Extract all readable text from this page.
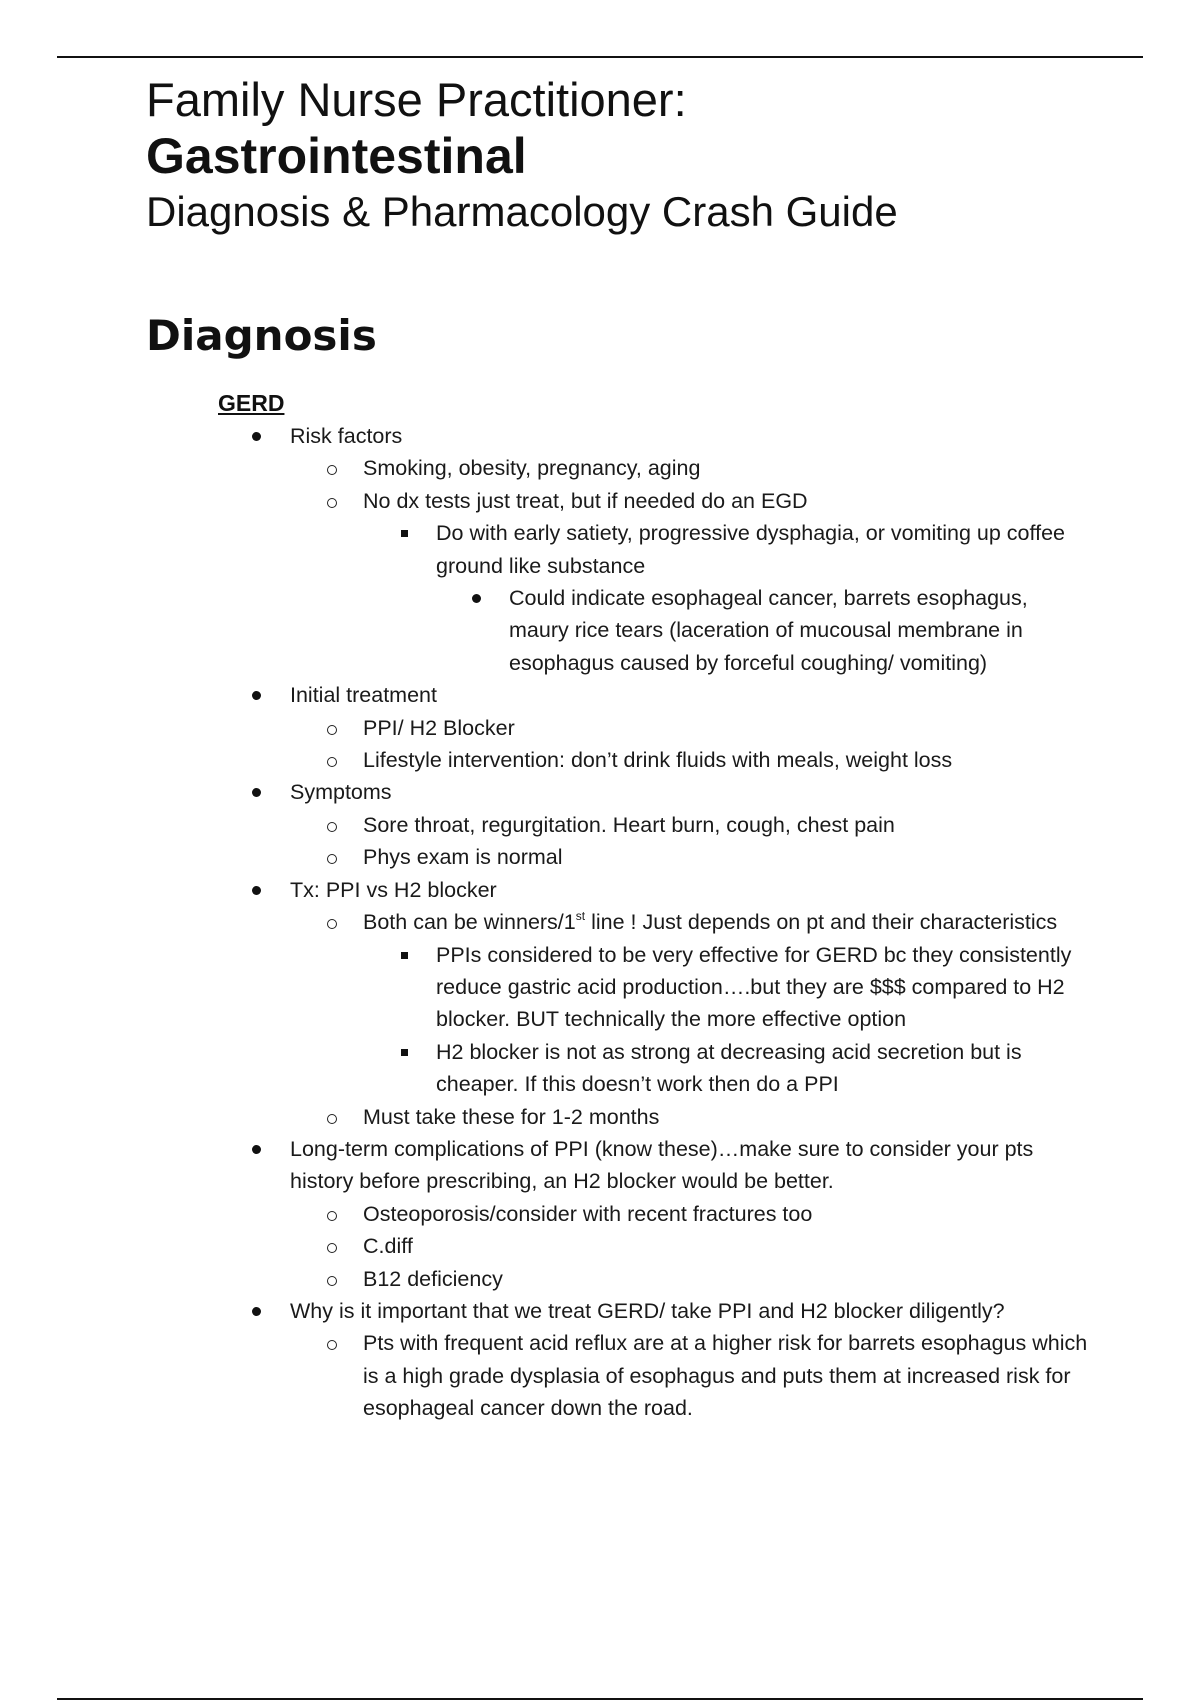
Family Nurse Practitioner:
Gastrointestinal
Diagnosis & Pharmacology Crash Guide
Diagnosis
GERD
Risk factors
Smoking, obesity, pregnancy, aging
No dx tests just treat, but if needed do an EGD
Do with early satiety, progressive dysphagia, or vomiting up coffee ground like substance
Could indicate esophageal cancer, barrets esophagus, maury rice tears (laceration of mucousal membrane in esophagus caused by forceful coughing/ vomiting)
Initial treatment
PPI/ H2 Blocker
Lifestyle intervention: don’t drink fluids with meals, weight loss
Symptoms
Sore throat, regurgitation. Heart burn, cough, chest pain
Phys exam is normal
Tx: PPI vs H2 blocker
Both can be winners/1st line ! Just depends on pt and their characteristics
PPIs considered to be very effective for GERD bc they consistently reduce gastric acid production….but they are $$$ compared to H2 blocker. BUT technically the more effective option
H2 blocker is not as strong at decreasing acid secretion but is cheaper. If this doesn’t work then do a PPI
Must take these for 1-2 months
Long-term complications of PPI (know these)…make sure to consider your pts history before prescribing, an H2 blocker would be better.
Osteoporosis/consider with recent fractures too
C.diff
B12 deficiency
Why is it important that we treat GERD/ take PPI and H2 blocker diligently?
Pts with frequent acid reflux are at a higher risk for barrets esophagus which is a high grade dysplasia of esophagus and puts them at increased risk for esophageal cancer down the road.
